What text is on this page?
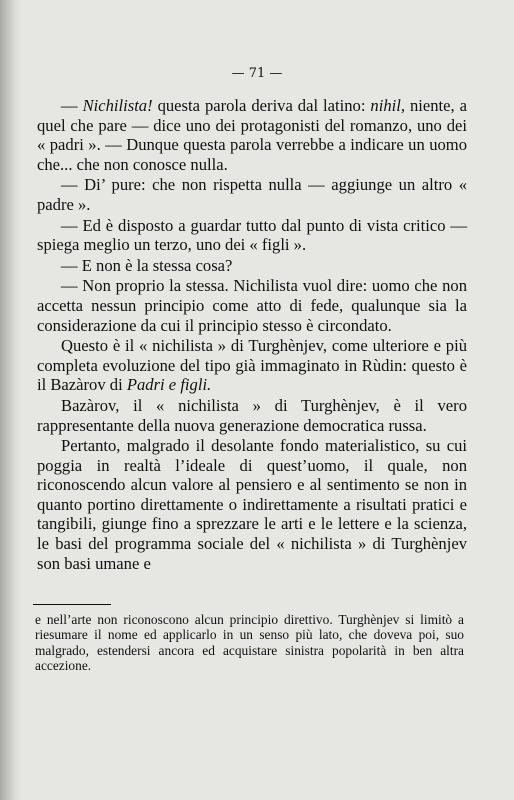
— 71 —

— Nichilista! questa parola deriva dal latino: nihil, niente, a quel che pare — dice uno dei protagonisti del romanzo, uno dei « padri ». — Dunque questa parola verrebbe a indicare un uomo che... che non conosce nulla.

— Di’ pure: che non rispetta nulla — aggiunge un altro « padre ».

— Ed è disposto a guardar tutto dal punto di vista critico — spiega meglio un terzo, uno dei « figli ».

— E non è la stessa cosa?

— Non proprio la stessa. Nichilista vuol dire: uomo che non accetta nessun principio come atto di fede, qualunque sia la considerazione da cui il principio stesso è circondato.

Questo è il « nichilista » di Turghènjev, come ulteriore e più completa evoluzione del tipo già immaginato in Rùdin: questo è il Bazàrov di Padri e figli.

Bazàrov, il « nichilista » di Turghènjev, è il vero rappresentante della nuova generazione democratica russa.

Pertanto, malgrado il desolante fondo materialistico, su cui poggia in realtà l’ideale di quest’uomo, il quale, non riconoscendo alcun valore al pensiero e al sentimento se non in quanto portino direttamente o indirettamente a risultati pratici e tangibili, giunge fino a sprezzare le arti e le lettere e la scienza, le basi del programma sociale del « nichilista » di Turghènjev son basi umane e

e nell’arte non riconoscono alcun principio direttivo. Turghènjev si limitò a riesumare il nome ed applicarlo in un senso più lato, che doveva poi, suo malgrado, estendersi ancora ed acquistare sinistra popolarità in ben altra accezione.
